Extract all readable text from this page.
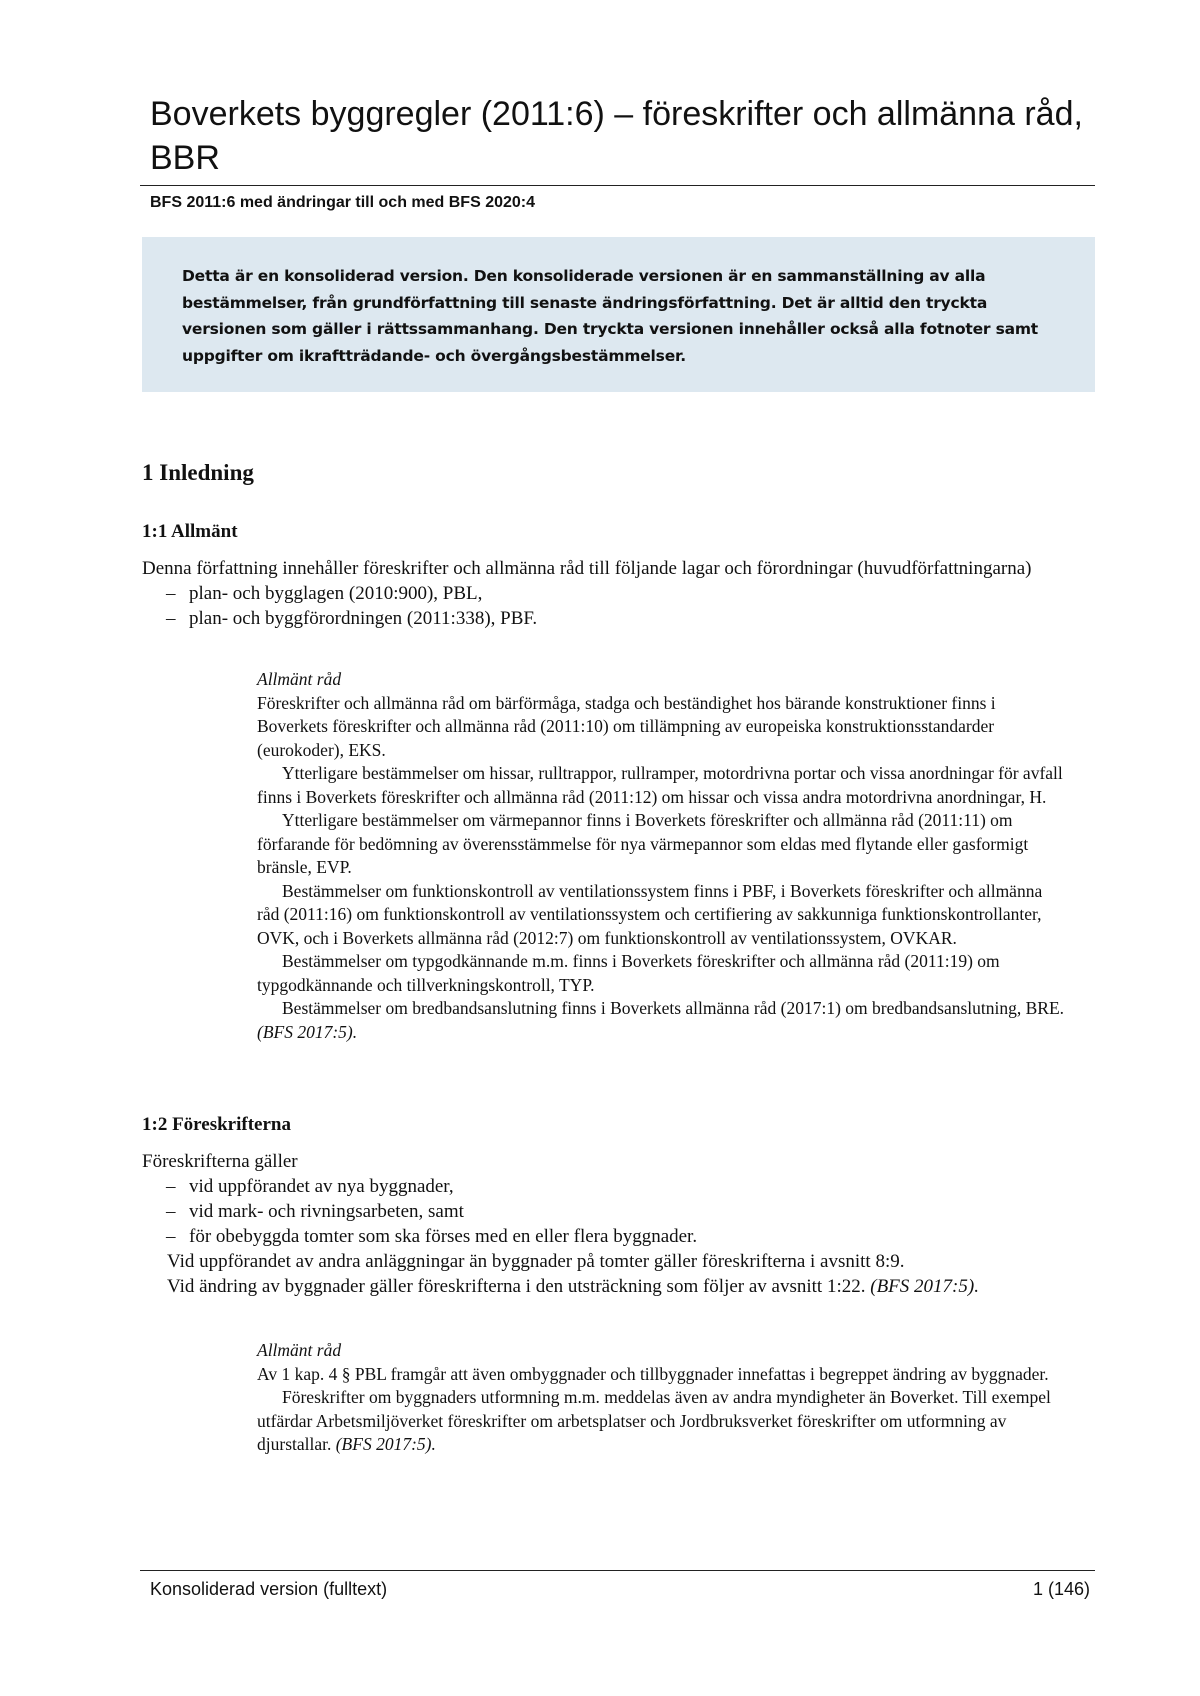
Boverkets byggregler (2011:6) – föreskrifter och allmänna råd, BBR
BFS 2011:6 med ändringar till och med BFS 2020:4
Detta är en konsoliderad version. Den konsoliderade versionen är en sammanställning av alla bestämmelser, från grundförfattning till senaste ändringsförfattning. Det är alltid den tryckta versionen som gäller i rättssammanhang. Den tryckta versionen innehåller också alla fotnoter samt uppgifter om ikraftträdande- och övergångsbestämmelser.
1 Inledning
1:1 Allmänt

Denna författning innehåller föreskrifter och allmänna råd till följande lagar och förordningar (huvudförfattningarna)

– plan- och bygglagen (2010:900), PBL,
– plan- och byggförordningen (2011:338), PBF.

Allmänt råd

Föreskrifter och allmänna råd om bärförmåga, stadga och beständighet hos bärande konstruktioner finns i Boverkets föreskrifter och allmänna råd (2011:10) om tillämpning av europeiska konstruktionsstandarder (eurokoder), EKS.

Ytterligare bestämmelser om hissar, rulltrappor, rullramper, motordrivna portar och vissa anordningar för avfall finns i Boverkets föreskrifter och allmänna råd (2011:12) om hissar och vissa andra motordrivna anordningar, H.

Ytterligare bestämmelser om värmepannor finns i Boverkets föreskrifter och allmänna råd (2011:11) om förfarande för bedömning av överensstämmelse för nya värmepannor som eldas med flytande eller gasformigt bränsle, EVP.

Bestämmelser om funktionskontroll av ventilationssystem finns i PBF, i Boverkets föreskrifter och allmänna råd (2011:16) om funktionskontroll av ventilationssystem och certifiering av sakkunniga funktionskontrollanter, OVK, och i Boverkets allmänna råd (2012:7) om funktionskontroll av ventilationssystem, OVKAR.

Bestämmelser om typgodkännande m.m. finns i Boverkets föreskrifter och allmänna råd (2011:19) om typgodkännande och tillverkningskontroll, TYP.

Bestämmelser om bredbandsanslutning finns i Boverkets allmänna råd (2017:1) om bredbandsanslutning, BRE. (BFS 2017:5).

1:2 Föreskrifterna

Föreskrifterna gäller

– vid uppförandet av nya byggnader,
– vid mark- och rivningsarbeten, samt
– för obebyggda tomter som ska förses med en eller flera byggnader.

Vid uppförandet av andra anläggningar än byggnader på tomter gäller föreskrifterna i avsnitt 8:9.

Vid ändring av byggnader gäller föreskrifterna i den utsträckning som följer av avsnitt 1:22. (BFS 2017:5).

Allmänt råd

Av 1 kap. 4 § PBL framgår att även ombyggnader och tillbyggnader innefattas i begreppet ändring av byggnader.

Föreskrifter om byggnaders utformning m.m. meddelas även av andra myndigheter än Boverket. Till exempel utfärdar Arbetsmiljöverket föreskrifter om arbetsplatser och Jordbruksverket föreskrifter om utformning av djurstallar. (BFS 2017:5).

Konsoliderad version (fulltext)	1 (146)
